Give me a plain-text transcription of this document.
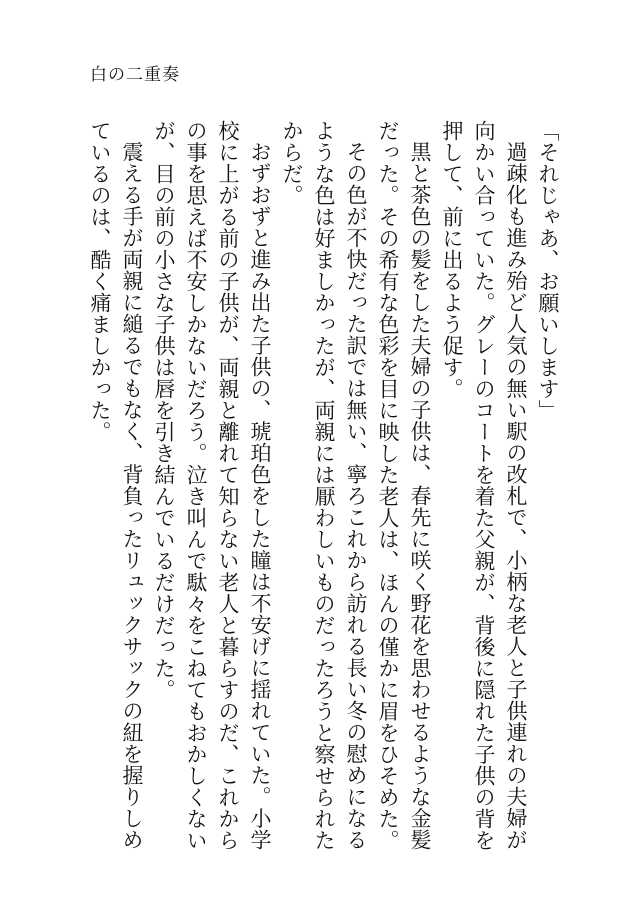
白の二重奏

「それじゃあ、お願いします」

過疎化も進み殆ど人気の無い駅の改札で、小柄な老人と子供連れの夫婦が向かい合っていた。グレーのコートを着た父親が、背後に隠れた子供の背を押して、前に出るよう促す。

黒と茶色の髪をした夫婦の子供は、春先に咲く野花を思わせるような金髪だった。その希有な色彩を目に映した老人は、ほんの僅かに眉をひそめた。

その色が不快だった訳では無い、寧ろこれから訪れる長い冬の慰めになるような色は好ましかったが、両親には厭わしいものだったろうと察せられたからだ。

おずおずと進み出た子供の、琥珀色をした瞳は不安げに揺れていた。小学校に上がる前の子供が、両親と離れて知らない老人と暮らすのだ、これからの事を思えば不安しかないだろう。泣き叫んで駄々をこねてもおかしくないが、目の前の小さな子供は唇を引き結んでいるだけだった。

震える手が両親に縋るでもなく、背負ったリュックサックの紐を握りしめているのは、酷く痛ましかった。
